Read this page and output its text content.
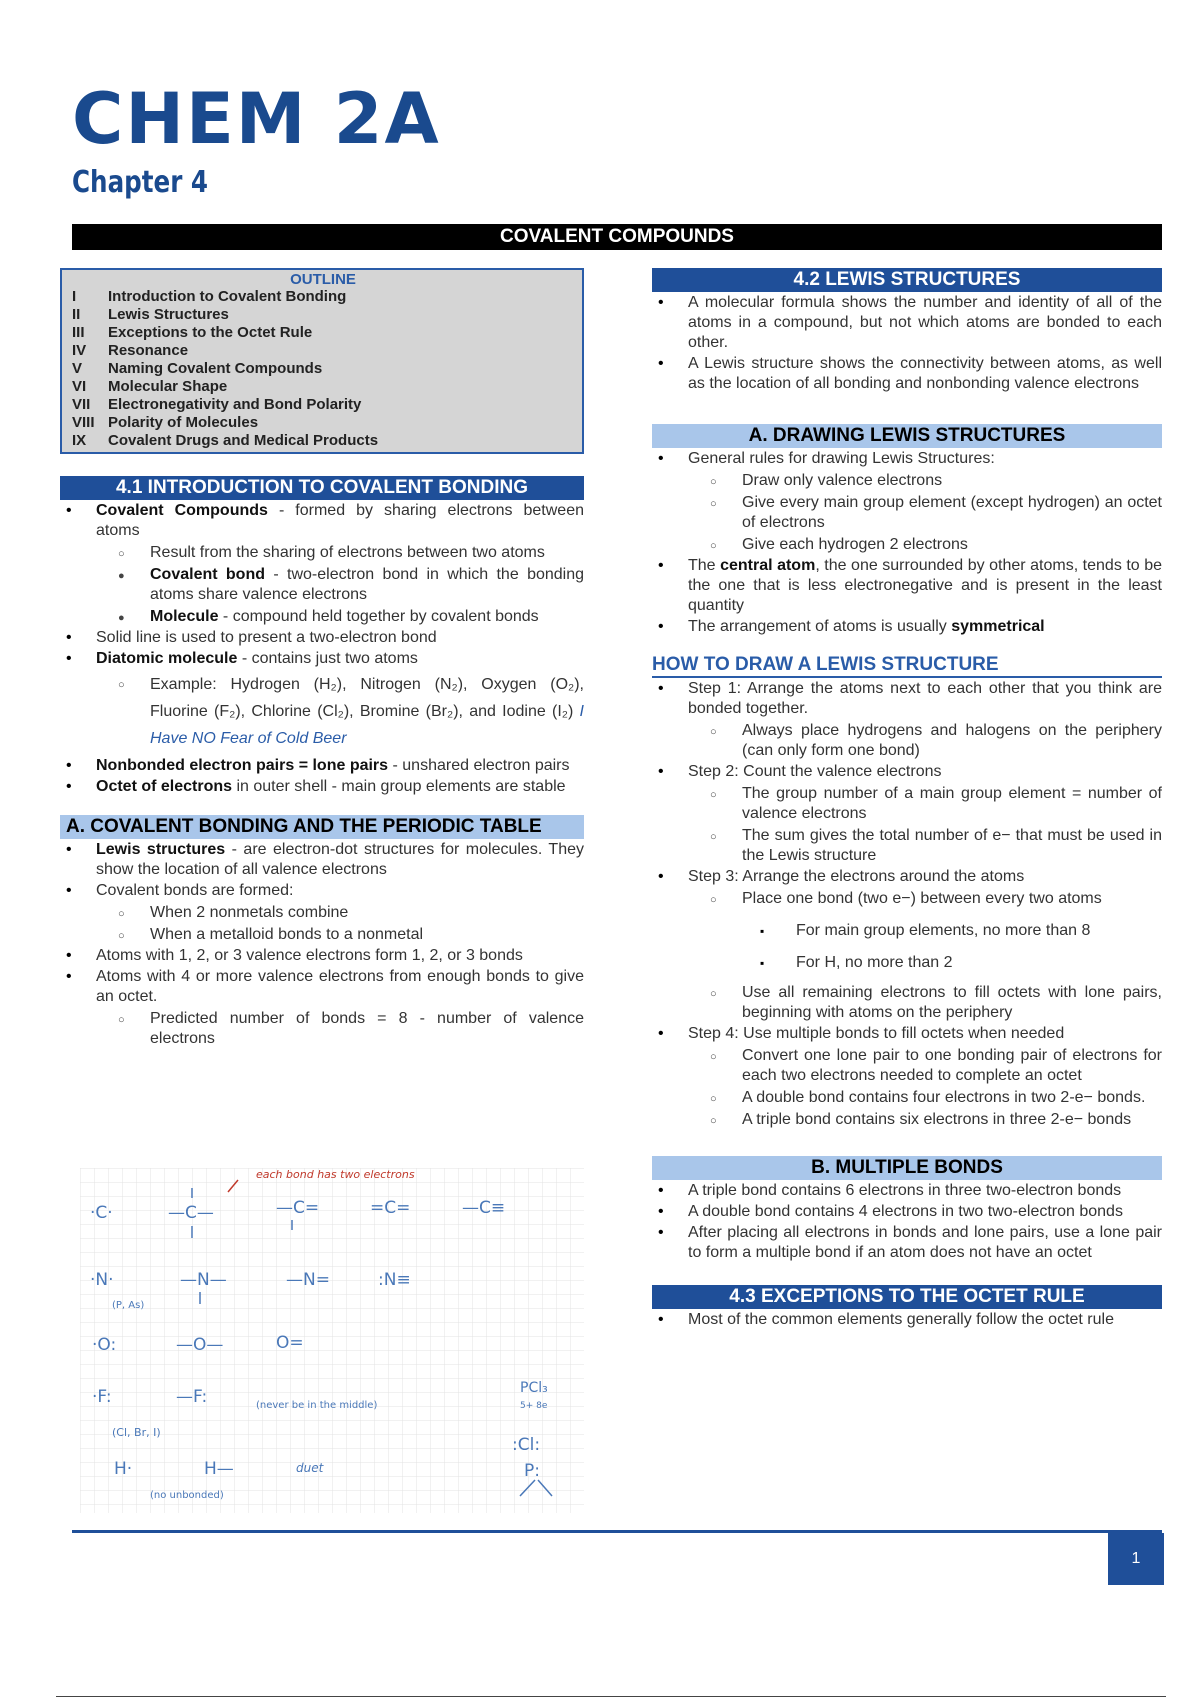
CHEM 2A
Chapter 4
COVALENT COMPOUNDS
OUTLINE
I	Introduction to Covalent Bonding
II	Lewis Structures
III	Exceptions to the Octet Rule
IV	Resonance
V	Naming Covalent Compounds
VI	Molecular Shape
VII	Electronegativity and Bond Polarity
VIII Polarity of Molecules
IX	Covalent Drugs and Medical Products
4.1 INTRODUCTION TO COVALENT BONDING
• Covalent Compounds - formed by sharing electrons between atoms
○ Result from the sharing of electrons between two atoms
● Covalent bond - two-electron bond in which the bonding atoms share valence electrons
● Molecule - compound held together by covalent bonds
• Solid line is used to present a two-electron bond
• Diatomic molecule - contains just two atoms
○ Example: Hydrogen (H₂), Nitrogen (N₂), Oxygen (O₂), Fluorine (F₂), Chlorine (Cl₂), Bromine (Br₂), and Iodine (I₂) I Have NO Fear of Cold Beer
• Nonbonded electron pairs = lone pairs - unshared electron pairs
• Octet of electrons in outer shell - main group elements are stable
A. COVALENT BONDING AND THE PERIODIC TABLE
• Lewis structures - are electron-dot structures for molecules. They show the location of all valence electrons
• Covalent bonds are formed:
○ When 2 nonmetals combine
○ When a metalloid bonds to a nonmetal
• Atoms with 1, 2, or 3 valence electrons form 1, 2, or 3 bonds
• Atoms with 4 or more valence electrons from enough bonds to give an octet.
○ Predicted number of bonds = 8 - number of valence electrons
each bond has two electrons
·C·	—C—	—C=	=C=	—C≡
·N·
(P, As)
—N—	—N=	:N≡
·O:	—O—	O=
·F:	—F:	(never be in the middle)
(Cl, Br, I)
PCl₃
5+ 8e
:Cl:
P:
H·	H—	duet
(no unbonded)
4.2 LEWIS STRUCTURES
• A molecular formula shows the number and identity of all of the atoms in a compound, but not which atoms are bonded to each other.
• A Lewis structure shows the connectivity between atoms, as well as the location of all bonding and nonbonding valence electrons
A. DRAWING LEWIS STRUCTURES
• General rules for drawing Lewis Structures:
○ Draw only valence electrons
○ Give every main group element (except hydrogen) an octet of electrons
○ Give each hydrogen 2 electrons
• The central atom, the one surrounded by other atoms, tends to be the one that is less electronegative and is present in the least quantity
• The arrangement of atoms is usually symmetrical
HOW TO DRAW A LEWIS STRUCTURE
• Step 1: Arrange the atoms next to each other that you think are bonded together.
○ Always place hydrogens and halogens on the periphery (can only form one bond)
• Step 2: Count the valence electrons
○ The group number of a main group element = number of valence electrons
○ The sum gives the total number of e− that must be used in the Lewis structure
• Step 3: Arrange the electrons around the atoms
○ Place one bond (two e−) between every two atoms
▪ For main group elements, no more than 8
▪ For H, no more than 2
○ Use all remaining electrons to fill octets with lone pairs, beginning with atoms on the periphery
• Step 4: Use multiple bonds to fill octets when needed
○ Convert one lone pair to one bonding pair of electrons for each two electrons needed to complete an octet
○ A double bond contains four electrons in two 2-e− bonds.
○ A triple bond contains six electrons in three 2-e− bonds
B. MULTIPLE BONDS
• A triple bond contains 6 electrons in three two-electron bonds
• A double bond contains 4 electrons in two two-electron bonds
• After placing all electrons in bonds and lone pairs, use a lone pair to form a multiple bond if an atom does not have an octet
4.3 EXCEPTIONS TO THE OCTET RULE
• Most of the common elements generally follow the octet rule
1
